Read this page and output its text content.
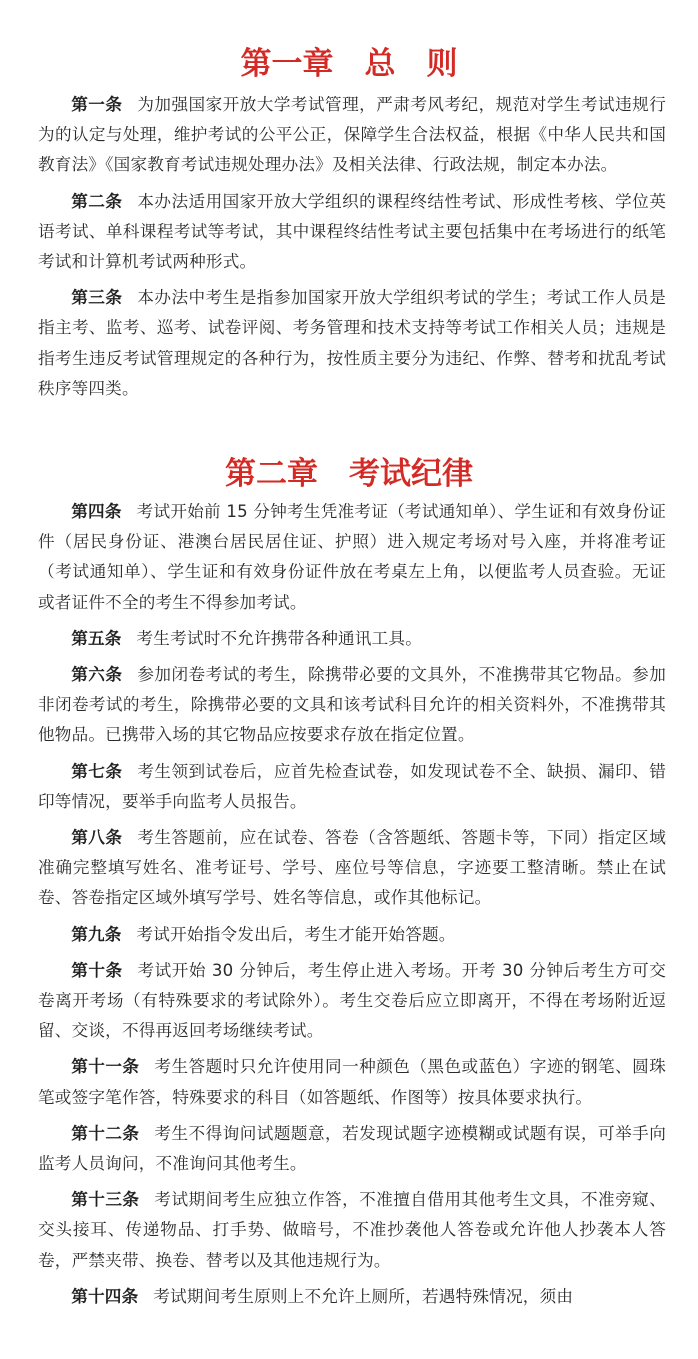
第一章　总　则

第一条 为加强国家开放大学考试管理，严肃考风考纪，规范对学生考试违规行为的认定与处理，维护考试的公平公正，保障学生合法权益，根据《中华人民共和国教育法》《国家教育考试违规处理办法》及相关法律、行政法规，制定本办法。

第二条 本办法适用国家开放大学组织的课程终结性考试、形成性考核、学位英语考试、单科课程考试等考试，其中课程终结性考试主要包括集中在考场进行的纸笔考试和计算机考试两种形式。

第三条 本办法中考生是指参加国家开放大学组织考试的学生；考试工作人员是指主考、监考、巡考、试卷评阅、考务管理和技术支持等考试工作相关人员；违规是指考生违反考试管理规定的各种行为，按性质主要分为违纪、作弊、替考和扰乱考试秩序等四类。

第二章　考试纪律

第四条 考试开始前 15 分钟考生凭准考证（考试通知单）、学生证和有效身份证件（居民身份证、港澳台居民居住证、护照）进入规定考场对号入座，并将准考证（考试通知单）、学生证和有效身份证件放在考桌左上角，以便监考人员查验。无证或者证件不全的考生不得参加考试。

第五条 考生考试时不允许携带各种通讯工具。

第六条 参加闭卷考试的考生，除携带必要的文具外，不准携带其它物品。参加非闭卷考试的考生，除携带必要的文具和该考试科目允许的相关资料外，不准携带其他物品。已携带入场的其它物品应按要求存放在指定位置。

第七条 考生领到试卷后，应首先检查试卷，如发现试卷不全、缺损、漏印、错印等情况，要举手向监考人员报告。

第八条 考生答题前，应在试卷、答卷（含答题纸、答题卡等，下同）指定区域准确完整填写姓名、准考证号、学号、座位号等信息，字迹要工整清晰。禁止在试卷、答卷指定区域外填写学号、姓名等信息，或作其他标记。

第九条 考试开始指令发出后，考生才能开始答题。

第十条 考试开始 30 分钟后，考生停止进入考场。开考 30 分钟后考生方可交卷离开考场（有特殊要求的考试除外）。考生交卷后应立即离开，不得在考场附近逗留、交谈，不得再返回考场继续考试。

第十一条 考生答题时只允许使用同一种颜色（黑色或蓝色）字迹的钢笔、圆珠笔或签字笔作答，特殊要求的科目（如答题纸、作图等）按具体要求执行。

第十二条 考生不得询问试题题意，若发现试题字迹模糊或试题有误，可举手向监考人员询问，不准询问其他考生。

第十三条 考试期间考生应独立作答，不准擅自借用其他考生文具，不准旁窥、交头接耳、传递物品、打手势、做暗号，不准抄袭他人答卷或允许他人抄袭本人答卷，严禁夹带、换卷、替考以及其他违规行为。

第十四条 考试期间考生原则上不允许上厕所，若遇特殊情况，须由
